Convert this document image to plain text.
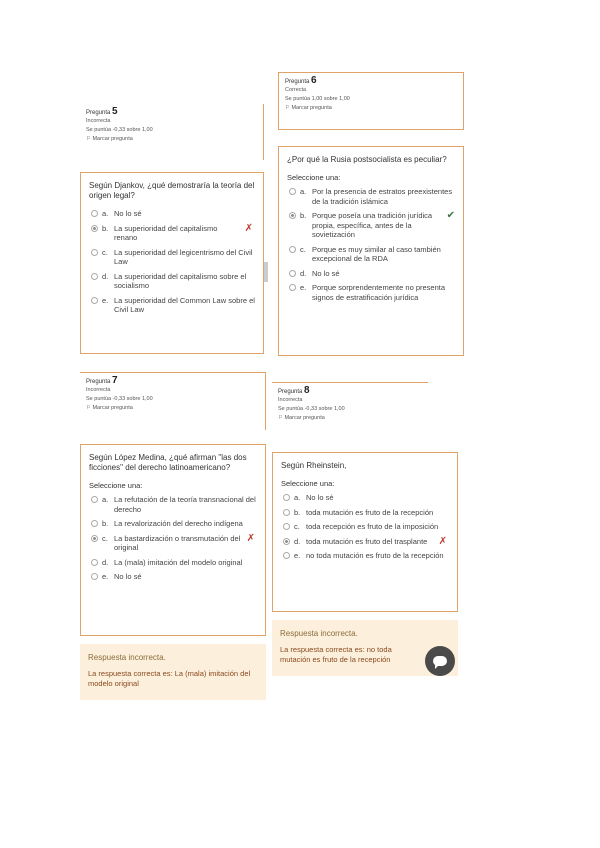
Pregunta 5
Incorrecta
Se puntúa -0,33 sobre 1,00
⚐ Marcar pregunta
Según Djankov, ¿qué demostraría la teoría del origen legal?
a. No lo sé
b. La superioridad del capitalismo renano
✗
c. La superioridad del legicentrismo del Civil Law
d. La superioridad del capitalismo sobre el socialismo
e. La superioridad del Common Law sobre el Civil Law
Pregunta 6
Correcta
Se puntúa 1,00 sobre 1,00
⚐ Marcar pregunta
¿Por qué la Rusia postsocialista es peculiar?
Seleccione una:
a. Por la presencia de estratos preexistentes de la tradición islámica
b. Porque poseía una tradición jurídica propia, específica, antes de la sovietización
✔
c. Porque es muy similar al caso también excepcional de la RDA
d. No lo sé
e. Porque sorprendentemente no presenta signos de estratificación jurídica
Pregunta 7
Incorrecta
Se puntúa -0,33 sobre 1,00
⚐ Marcar pregunta
Según López Medina, ¿qué afirman "las dos ficciones" del derecho latinoamericano?
Seleccione una:
a. La refutación de la teoría transnacional del derecho
b. La revalorización del derecho indígena
c. La bastardización o transmutación del original
✗
d. La (mala) imitación del modelo original
e. No lo sé
Respuesta incorrecta.
La respuesta correcta es: La (mala) imitación del modelo original
Pregunta 8
Incorrecta
Se puntúa -0,33 sobre 1,00
⚐ Marcar pregunta
Según Rheinstein,
Seleccione una:
a. No lo sé
b. toda mutación es fruto de la recepción
c. toda recepción es fruto de la imposición
d. toda mutación es fruto del trasplante	✗
e. no toda mutación es fruto de la recepción
Respuesta incorrecta.
La respuesta correcta es: no toda mutación es fruto de la recepción
